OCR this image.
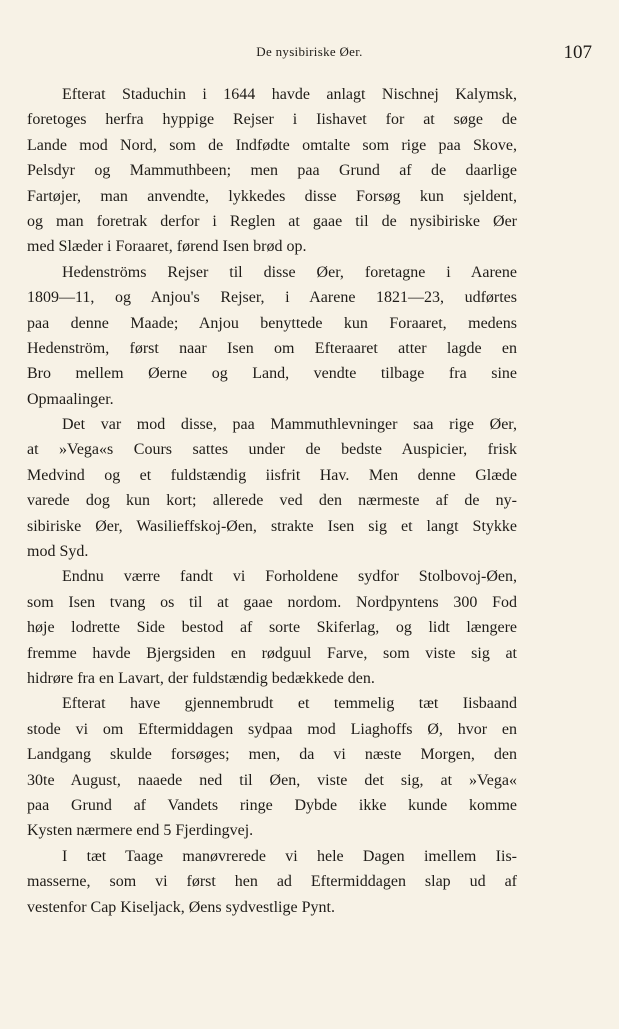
De nysibiriske Øer.	107
Efterat Staduchin i 1644 havde anlagt Nischnej Kalymsk,
foretoges herfra hyppige Rejser i Iishavet for at søge de
Lande mod Nord, som de Indfødte omtalte som rige paa Skove,
Pelsdyr og Mammuthbeen; men paa Grund af de daarlige
Fartøjer, man anvendte, lykkedes disse Forsøg kun sjeldent,
og man foretrak derfor i Reglen at gaae til de nysibiriske Øer
med Slæder i Foraaret, førend Isen brød op.
Hedenströms Rejser til disse Øer, foretagne i Aarene
1809—11, og Anjou's Rejser, i Aarene 1821—23, udførtes
paa denne Maade; Anjou benyttede kun Foraaret, medens
Hedenström, først naar Isen om Efteraaret atter lagde en
Bro mellem Øerne og Land, vendte tilbage fra sine
Opmaalinger.
Det var mod disse, paa Mammuthlevninger saa rige Øer,
at »Vega«s Cours sattes under de bedste Auspicier, frisk
Medvind og et fuldstændig iisfrit Hav. Men denne Glæde
varede dog kun kort; allerede ved den nærmeste af de ny-
sibiriske Øer, Wasilieffskoj-Øen, strakte Isen sig et langt Stykke
mod Syd.
Endnu værre fandt vi Forholdene sydfor Stolbovoj-Øen,
som Isen tvang os til at gaae nordom. Nordpyntens 300 Fod
høje lodrette Side bestod af sorte Skiferlag, og lidt længere
fremme havde Bjergsiden en rødguul Farve, som viste sig at
hidrøre fra en Lavart, der fuldstændig bedækkede den.
Efterat have gjennembrudt et temmelig tæt Iisbaand
stode vi om Eftermiddagen sydpaa mod Liaghoffs Ø, hvor en
Landgang skulde forsøges; men, da vi næste Morgen, den
30te August, naaede ned til Øen, viste det sig, at »Vega«
paa Grund af Vandets ringe Dybde ikke kunde komme
Kysten nærmere end 5 Fjerdingvej.
I tæt Taage manøvrerede vi hele Dagen imellem Iis-
masserne, som vi først hen ad Eftermiddagen slap ud af
vestenfor Cap Kiseljack, Øens sydvestlige Pynt.
